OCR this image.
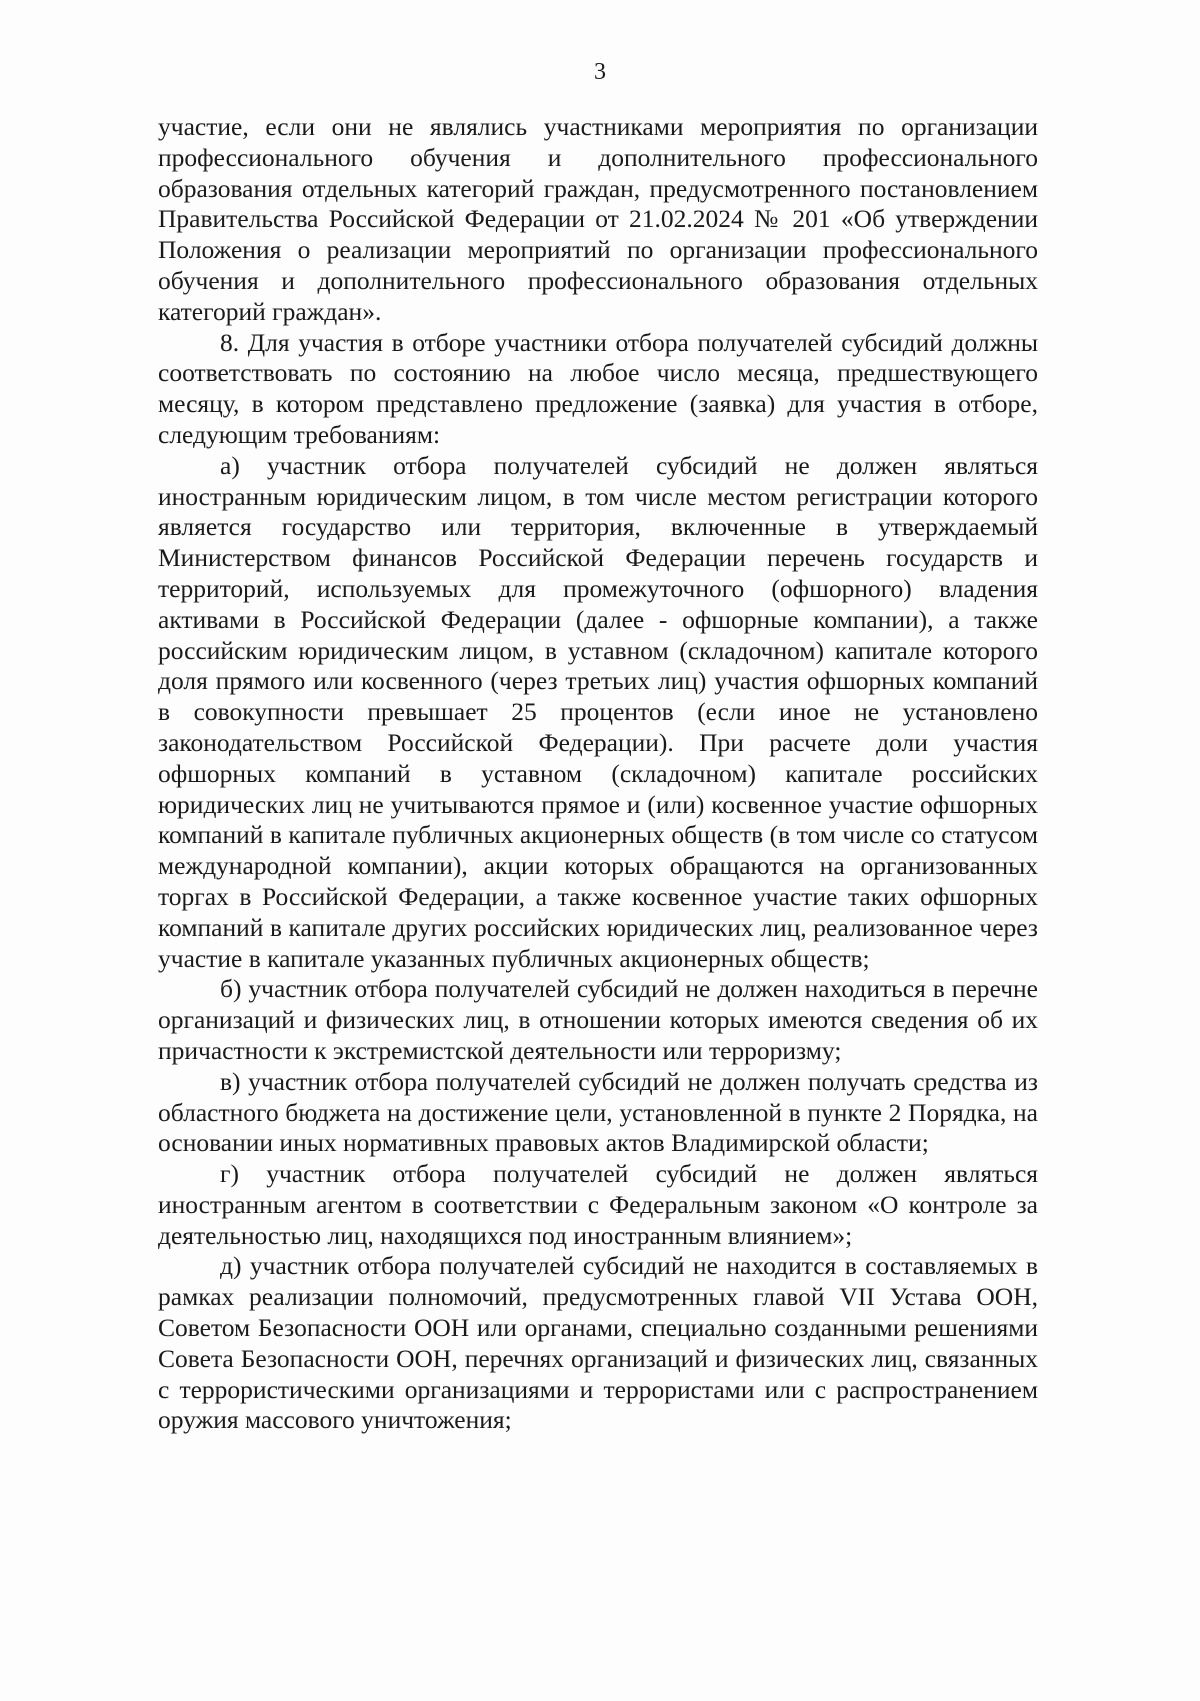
3

участие, если они не являлись участниками мероприятия по организации профессионального обучения и дополнительного профессионального образования отдельных категорий граждан, предусмотренного постановлением Правительства Российской Федерации от 21.02.2024 № 201 «Об утверждении Положения о реализации мероприятий по организации профессионального обучения и дополнительного профессионального образования отдельных категорий граждан».

8. Для участия в отборе участники отбора получателей субсидий должны соответствовать по состоянию на любое число месяца, предшествующего месяцу, в котором представлено предложение (заявка) для участия в отборе, следующим требованиям:

а) участник отбора получателей субсидий не должен являться иностранным юридическим лицом, в том числе местом регистрации которого является государство или территория, включенные в утверждаемый Министерством финансов Российской Федерации перечень государств и территорий, используемых для промежуточного (офшорного) владения активами в Российской Федерации (далее - офшорные компании), а также российским юридическим лицом, в уставном (складочном) капитале которого доля прямого или косвенного (через третьих лиц) участия офшорных компаний в совокупности превышает 25 процентов (если иное не установлено законодательством Российской Федерации). При расчете доли участия офшорных компаний в уставном (складочном) капитале российских юридических лиц не учитываются прямое и (или) косвенное участие офшорных компаний в капитале публичных акционерных обществ (в том числе со статусом международной компании), акции которых обращаются на организованных торгах в Российской Федерации, а также косвенное участие таких офшорных компаний в капитале других российских юридических лиц, реализованное через участие в капитале указанных публичных акционерных обществ;

б) участник отбора получателей субсидий не должен находиться в перечне организаций и физических лиц, в отношении которых имеются сведения об их причастности к экстремистской деятельности или терроризму;

в) участник отбора получателей субсидий не должен получать средства из областного бюджета на достижение цели, установленной в пункте 2 Порядка, на основании иных нормативных правовых актов Владимирской области;

г) участник отбора получателей субсидий не должен являться иностранным агентом в соответствии с Федеральным законом «О контроле за деятельностью лиц, находящихся под иностранным влиянием»;

д) участник отбора получателей субсидий не находится в составляемых в рамках реализации полномочий, предусмотренных главой VII Устава ООН, Советом Безопасности ООН или органами, специально созданными решениями Совета Безопасности ООН, перечнях организаций и физических лиц, связанных с террористическими организациями и террористами или с распространением оружия массового уничтожения;
